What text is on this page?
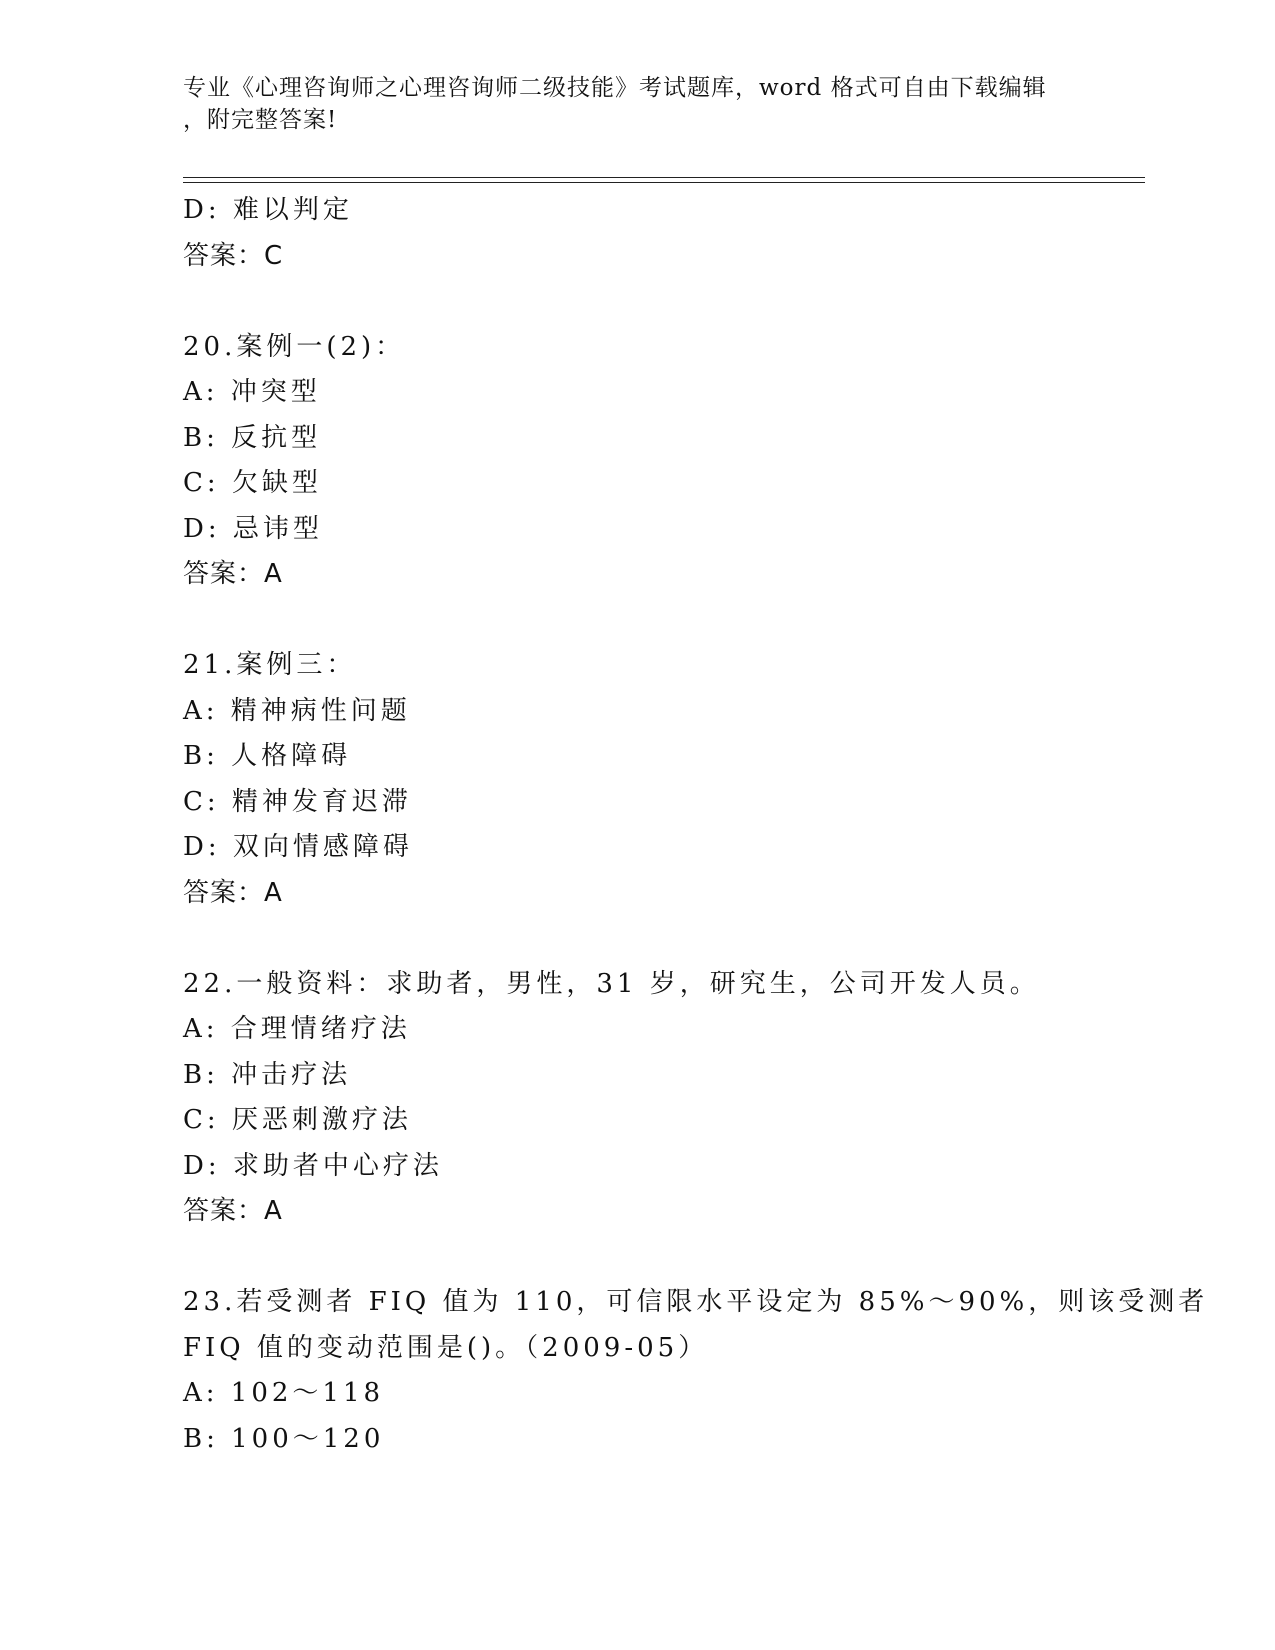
专业《心理咨询师之心理咨询师二级技能》考试题库，word 格式可自由下载编辑
，附完整答案!
D: 难以判定
答案：C
20.案例一(2)：
A: 冲突型
B: 反抗型
C: 欠缺型
D: 忌讳型
答案：A
21.案例三：
A: 精神病性问题
B: 人格障碍
C: 精神发育迟滞
D: 双向情感障碍
答案：A
22.一般资料：求助者，男性，31 岁，研究生，公司开发人员。
A: 合理情绪疗法
B: 冲击疗法
C: 厌恶刺激疗法
D: 求助者中心疗法
答案：A
23.若受测者 FIQ 值为 110，可信限水平设定为 85%～90%，则该受测者
FIQ 值的变动范围是()。（2009-05）
A: 102～118
B: 100～120
